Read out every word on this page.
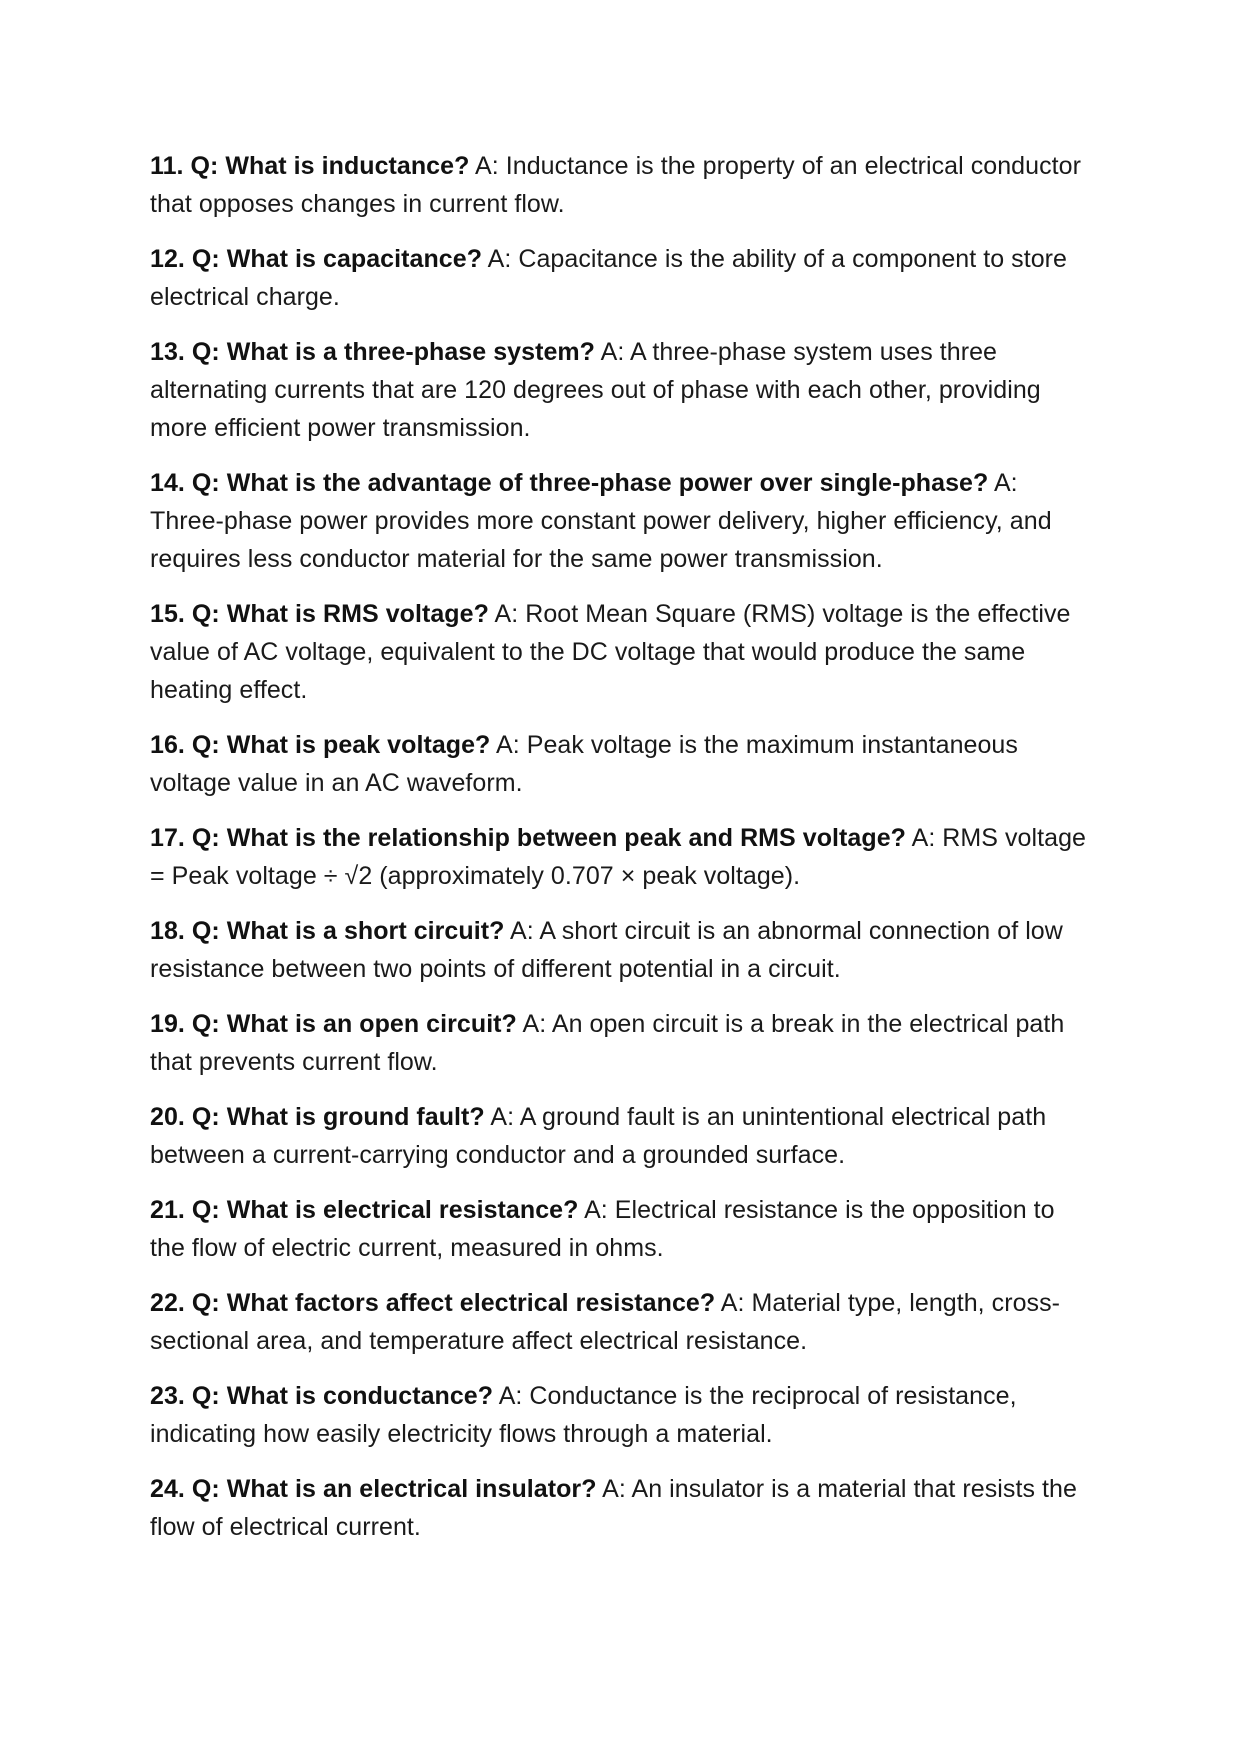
11. Q: What is inductance? A: Inductance is the property of an electrical conductor that opposes changes in current flow.

12. Q: What is capacitance? A: Capacitance is the ability of a component to store electrical charge.

13. Q: What is a three-phase system? A: A three-phase system uses three alternating currents that are 120 degrees out of phase with each other, providing more efficient power transmission.

14. Q: What is the advantage of three-phase power over single-phase? A: Three-phase power provides more constant power delivery, higher efficiency, and requires less conductor material for the same power transmission.

15. Q: What is RMS voltage? A: Root Mean Square (RMS) voltage is the effective value of AC voltage, equivalent to the DC voltage that would produce the same heating effect.

16. Q: What is peak voltage? A: Peak voltage is the maximum instantaneous voltage value in an AC waveform.

17. Q: What is the relationship between peak and RMS voltage? A: RMS voltage = Peak voltage ÷ √2 (approximately 0.707 × peak voltage).

18. Q: What is a short circuit? A: A short circuit is an abnormal connection of low resistance between two points of different potential in a circuit.

19. Q: What is an open circuit? A: An open circuit is a break in the electrical path that prevents current flow.

20. Q: What is ground fault? A: A ground fault is an unintentional electrical path between a current-carrying conductor and a grounded surface.

21. Q: What is electrical resistance? A: Electrical resistance is the opposition to the flow of electric current, measured in ohms.

22. Q: What factors affect electrical resistance? A: Material type, length, cross-sectional area, and temperature affect electrical resistance.

23. Q: What is conductance? A: Conductance is the reciprocal of resistance, indicating how easily electricity flows through a material.

24. Q: What is an electrical insulator? A: An insulator is a material that resists the flow of electrical current.
